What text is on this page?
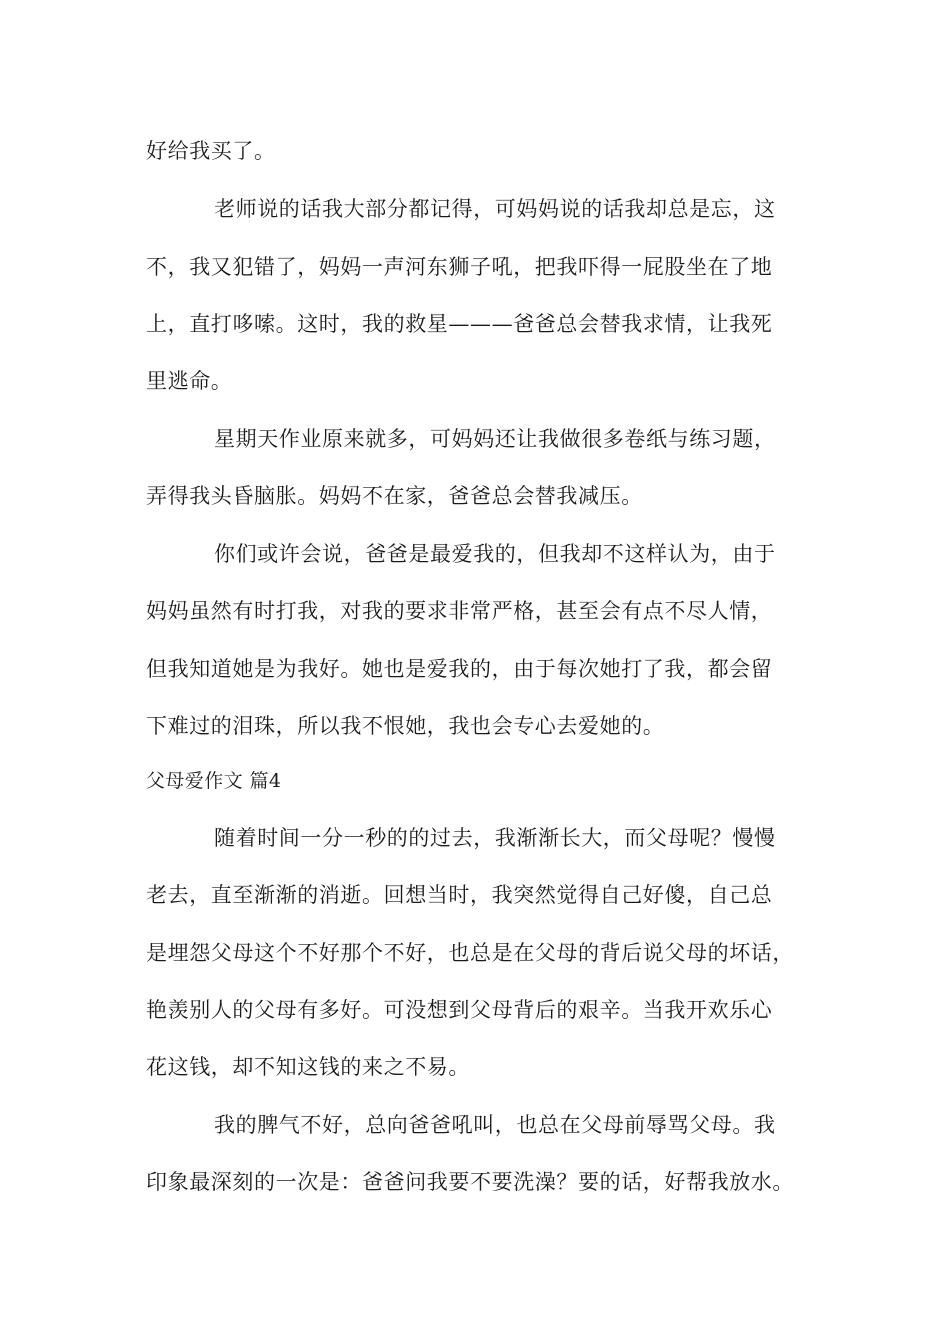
好给我买了。
老师说的话我大部分都记得，可妈妈说的话我却总是忘，这
不，我又犯错了，妈妈一声河东狮子吼，把我吓得一屁股坐在了地
上，直打哆嗦。这时，我的救星———爸爸总会替我求情，让我死
里逃命。
星期天作业原来就多，可妈妈还让我做很多卷纸与练习题，
弄得我头昏脑胀。妈妈不在家，爸爸总会替我减压。
你们或许会说，爸爸是最爱我的，但我却不这样认为，由于
妈妈虽然有时打我，对我的要求非常严格，甚至会有点不尽人情，
但我知道她是为我好。她也是爱我的，由于每次她打了我，都会留
下难过的泪珠，所以我不恨她，我也会专心去爱她的。
父母爱作文 篇4
随着时间一分一秒的的过去，我渐渐长大，而父母呢？慢慢
老去，直至渐渐的消逝。回想当时，我突然觉得自己好傻，自己总
是埋怨父母这个不好那个不好，也总是在父母的背后说父母的坏话，
艳羡别人的父母有多好。可没想到父母背后的艰辛。当我开欢乐心
花这钱，却不知这钱的来之不易。
我的脾气不好，总向爸爸吼叫，也总在父母前辱骂父母。我
印象最深刻的一次是：爸爸问我要不要洗澡？要的话，好帮我放水。
